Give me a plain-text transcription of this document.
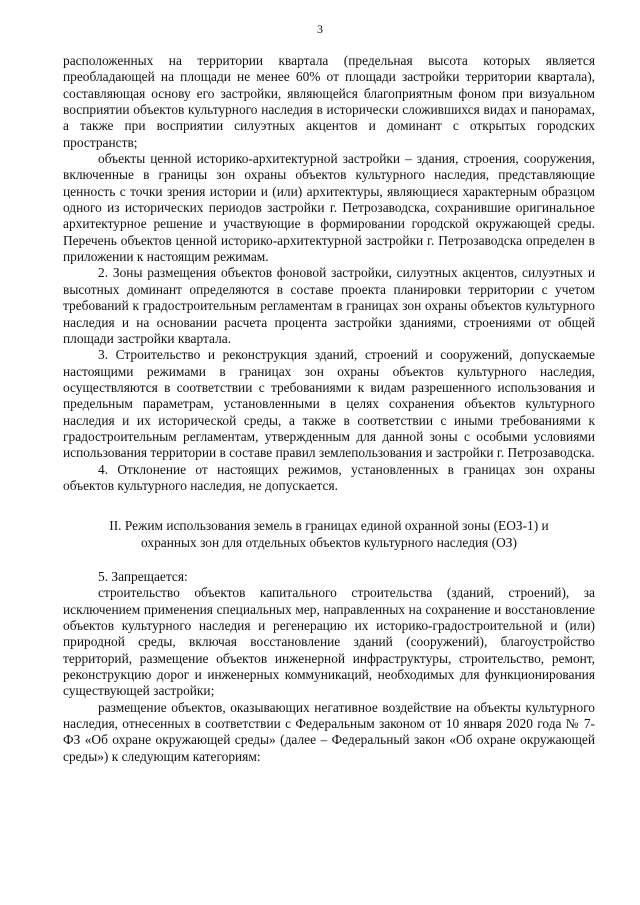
3

расположенных на территории квартала (предельная высота которых является преобладающей на площади не менее 60% от площади застройки территории квартала), составляющая основу его застройки, являющейся благоприятным фоном при визуальном восприятии объектов культурного наследия в исторически сложившихся видах и панорамах, а также при восприятии силуэтных акцентов и доминант с открытых городских пространств;

объекты ценной историко-архитектурной застройки – здания, строения, сооружения, включенные в границы зон охраны объектов культурного наследия, представляющие ценность с точки зрения истории и (или) архитектуры, являющиеся характерным образцом одного из исторических периодов застройки г. Петрозаводска, сохранившие оригинальное архитектурное решение и участвующие в формировании городской окружающей среды. Перечень объектов ценной историко-архитектурной застройки г. Петрозаводска определен в приложении к настоящим режимам.

2. Зоны размещения объектов фоновой застройки, силуэтных акцентов, силуэтных и высотных доминант определяются в составе проекта планировки территории с учетом требований к градостроительным регламентам в границах зон охраны объектов культурного наследия и на основании расчета процента застройки зданиями, строениями от общей площади застройки квартала.

3. Строительство и реконструкция зданий, строений и сооружений, допускаемые настоящими режимами в границах зон охраны объектов культурного наследия, осуществляются в соответствии с требованиями к видам разрешенного использования и предельным параметрам, установленными в целях сохранения объектов культурного наследия и их исторической среды, а также в соответствии с иными требованиями к градостроительным регламентам, утвержденным для данной зоны с особыми условиями использования территории в составе правил землепользования и застройки г. Петрозаводска.

4. Отклонение от настоящих режимов, установленных в границах зон охраны объектов культурного наследия, не допускается.

II. Режим использования земель в границах единой охранной зоны (ЕОЗ-1) и
охранных зон для отдельных объектов культурного наследия (ОЗ)

5. Запрещается:

строительство объектов капитального строительства (зданий, строений), за исключением применения специальных мер, направленных на сохранение и восстановление объектов культурного наследия и регенерацию их историко-градостроительной и (или) природной среды, включая восстановление зданий (сооружений), благоустройство территорий, размещение объектов инженерной инфраструктуры, строительство, ремонт, реконструкцию дорог и инженерных коммуникаций, необходимых для функционирования существующей застройки;

размещение объектов, оказывающих негативное воздействие на объекты культурного наследия, отнесенных в соответствии с Федеральным законом от 10 января 2020 года № 7-ФЗ «Об охране окружающей среды» (далее – Федеральный закон «Об охране окружающей среды») к следующим категориям:
